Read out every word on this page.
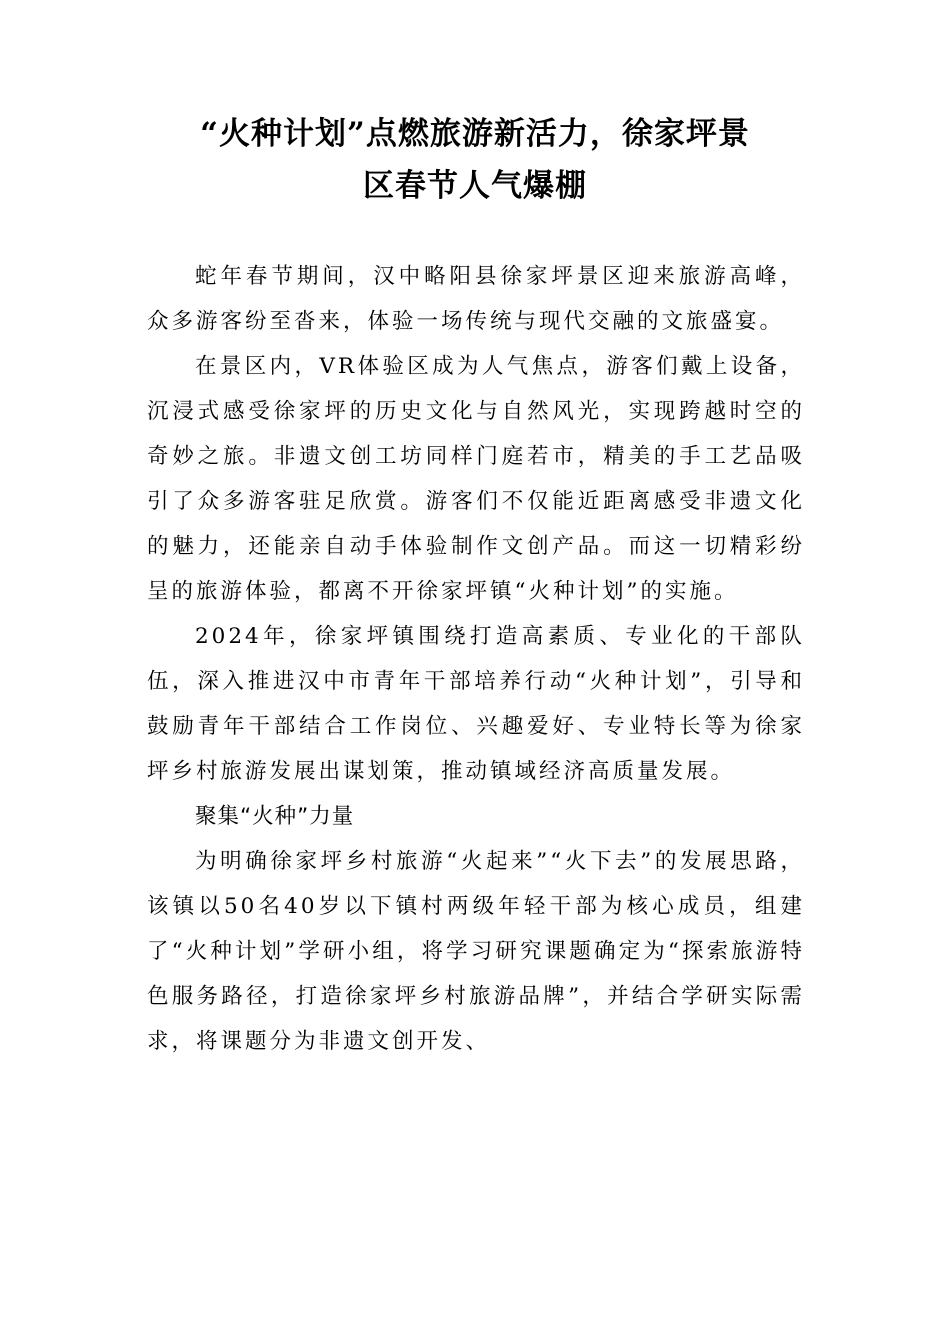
“火种计划”点燃旅游新活力，徐家坪景
区春节人气爆棚

蛇年春节期间，汉中略阳县徐家坪景区迎来旅游高峰，众多游客纷至沓来，体验一场传统与现代交融的文旅盛宴。

在景区内，VR体验区成为人气焦点，游客们戴上设备，沉浸式感受徐家坪的历史文化与自然风光，实现跨越时空的奇妙之旅。非遗文创工坊同样门庭若市，精美的手工艺品吸引了众多游客驻足欣赏。游客们不仅能近距离感受非遗文化的魅力，还能亲自动手体验制作文创产品。而这一切精彩纷呈的旅游体验，都离不开徐家坪镇“火种计划”的实施。

2024年，徐家坪镇围绕打造高素质、专业化的干部队伍，深入推进汉中市青年干部培养行动“火种计划”，引导和鼓励青年干部结合工作岗位、兴趣爱好、专业特长等为徐家坪乡村旅游发展出谋划策，推动镇域经济高质量发展。

聚集“火种”力量

为明确徐家坪乡村旅游“火起来”“火下去”的发展思路，该镇以50名40岁以下镇村两级年轻干部为核心成员，组建了“火种计划”学研小组，将学习研究课题确定为“探索旅游特色服务路径，打造徐家坪乡村旅游品牌”，并结合学研实际需求，将课题分为非遗文创开发、
